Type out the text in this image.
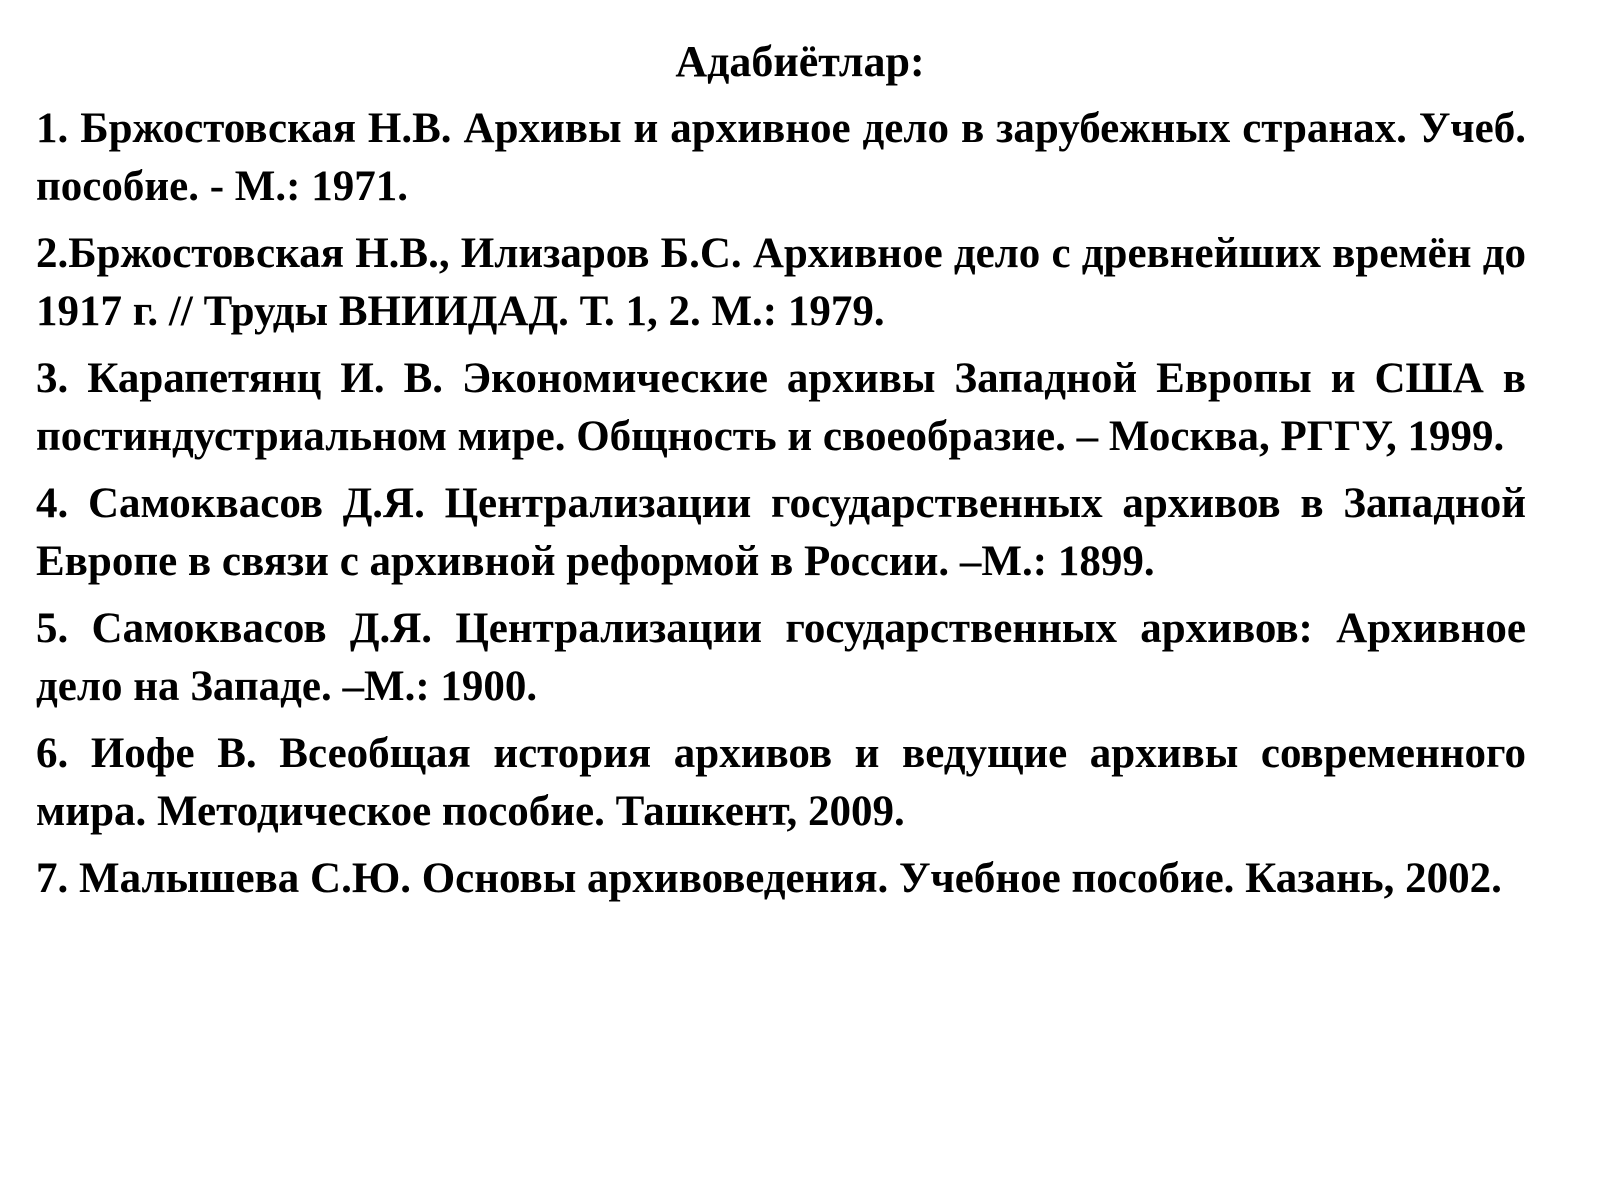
Адабиётлар:
1. Бржостовская Н.В. Архивы и архивное дело в зарубежных странах. Учеб. пособие. - М.: 1971.
2.Бржостовская Н.В., Илизаров Б.С. Архивное дело с древнейших времён до 1917 г. // Труды ВНИИДАД. Т. 1, 2. М.: 1979.
3. Карапетянц И. В. Экономические архивы Западной Европы и США в постиндустриальном мире. Общность и своеобразие. – Москва, РГГУ, 1999.
4. Самоквасов Д.Я. Централизации государственных архивов в Западной Европе в связи с архивной реформой в России. –М.: 1899.
5. Самоквасов Д.Я. Централизации государственных архивов: Архивное дело на Западе. –М.: 1900.
6. Иофе В. Всеобщая история архивов и ведущие архивы современного мира. Методическое пособие. Ташкент, 2009.
7. Малышева С.Ю. Основы архивоведения. Учебное пособие. Казань, 2002.
